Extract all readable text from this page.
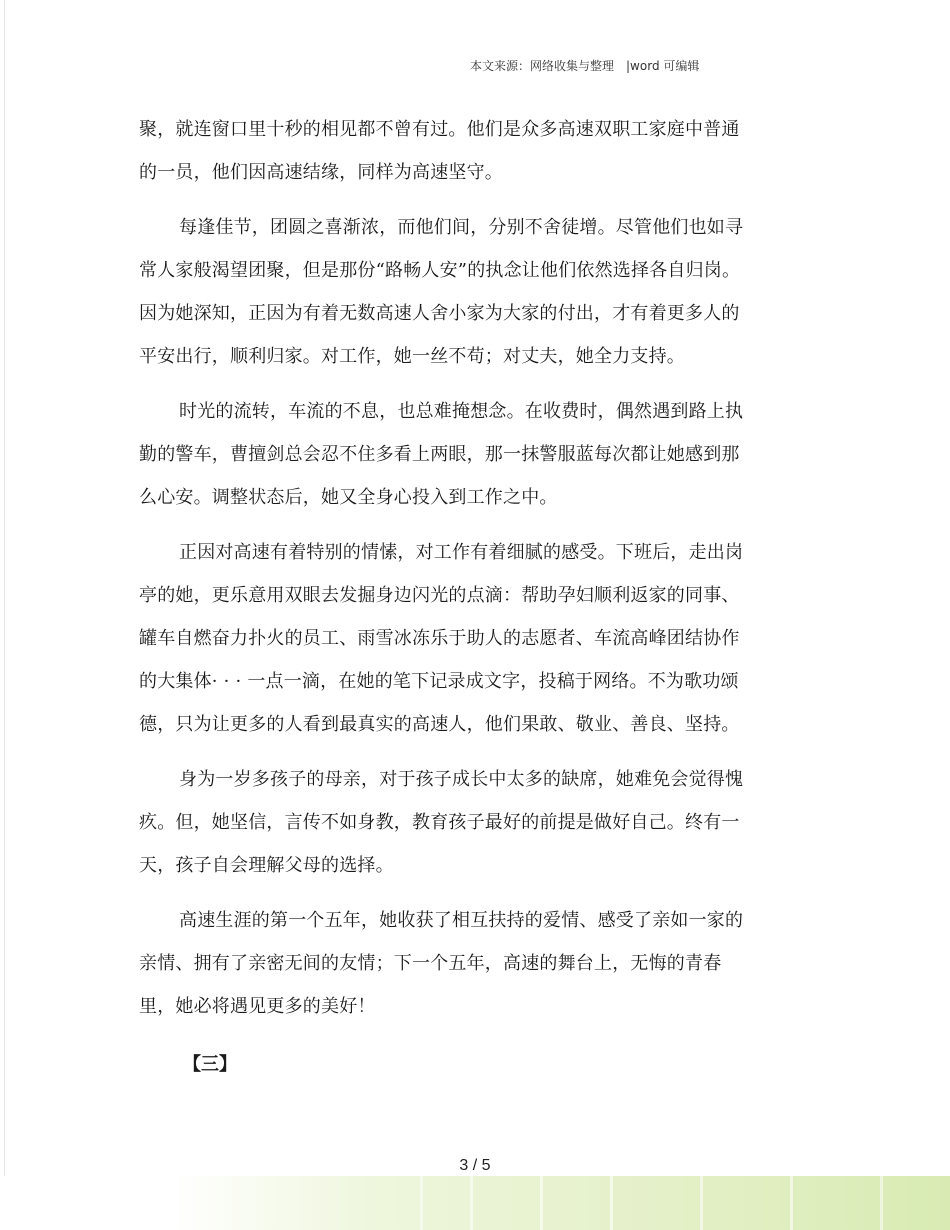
本文来源：网络收集与整理 |word 可编辑

聚，就连窗口里十秒的相见都不曾有过。他们是众多高速双职工家庭中普通的一员，他们因高速结缘，同样为高速坚守。

每逢佳节，团圆之喜渐浓，而他们间，分别不舍徒增。尽管他们也如寻常人家般渴望团聚，但是那份“路畅人安”的执念让他们依然选择各自归岗。因为她深知，正因为有着无数高速人舍小家为大家的付出，才有着更多人的平安出行，顺利归家。对工作，她一丝不苟；对丈夫，她全力支持。

时光的流转，车流的不息，也总难掩想念。在收费时，偶然遇到路上执勤的警车，曹擅剑总会忍不住多看上两眼，那一抹警服蓝每次都让她感到那么心安。调整状态后，她又全身心投入到工作之中。

正因对高速有着特别的情愫，对工作有着细腻的感受。下班后，走出岗亭的她，更乐意用双眼去发掘身边闪光的点滴：帮助孕妇顺利返家的同事、罐车自燃奋力扑火的员工、雨雪冰冻乐于助人的志愿者、车流高峰团结协作的大集体· · · 一点一滴，在她的笔下记录成文字，投稿于网络。不为歌功颂德，只为让更多的人看到最真实的高速人，他们果敢、敬业、善良、坚持。

身为一岁多孩子的母亲，对于孩子成长中太多的缺席，她难免会觉得愧疚。但，她坚信，言传不如身教，教育孩子最好的前提是做好自己。终有一天，孩子自会理解父母的选择。

高速生涯的第一个五年，她收获了相互扶持的爱情、感受了亲如一家的亲情、拥有了亲密无间的友情；下一个五年，高速的舞台上，无悔的青春里，她必将遇见更多的美好！

【三】
3 / 5
